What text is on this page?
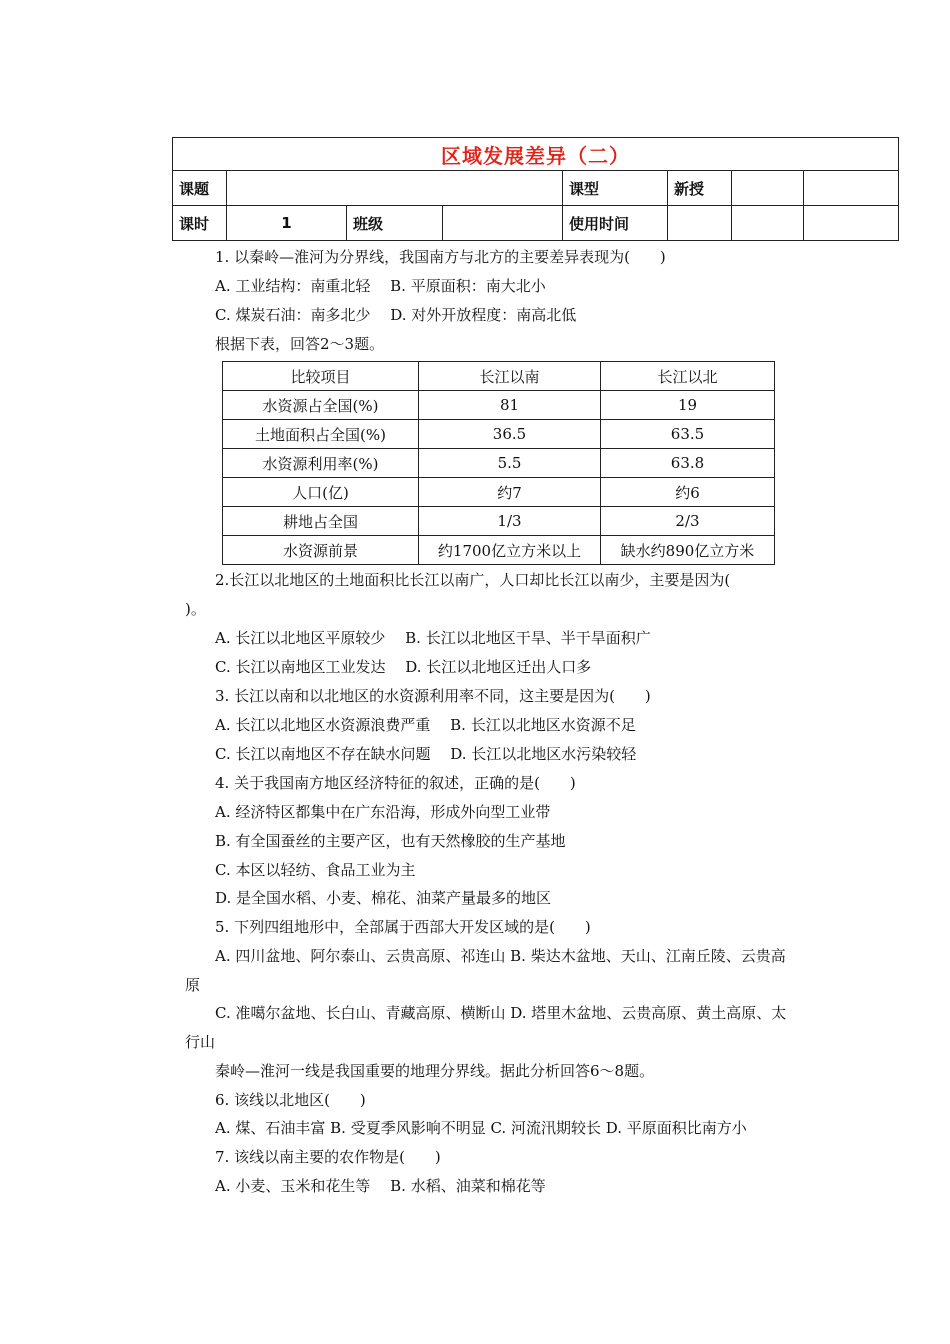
区域发展差异（二）							
课题				课型	新授		
课时	1	班级		使用时间			
1. 以秦岭—淮河为分界线，我国南方与北方的主要差异表现为(　　)
A. 工业结构：南重北轻　 B. 平原面积：南大北小
C. 煤炭石油：南多北少　 D. 对外开放程度：南高北低
根据下表，回答2～3题。
比较项目	长江以南	长江以北
水资源占全国(%)	81	19
土地面积占全国(%)	36.5	63.5
水资源利用率(%)	5.5	63.8
人口(亿)	约7	约6
耕地占全国	1/3	2/3
水资源前景	约1700亿立方米以上	缺水约890亿立方米
2.长江以北地区的土地面积比长江以南广，人口却比长江以南少，主要是因为(
)。
A. 长江以北地区平原较少　 B. 长江以北地区干旱、半干旱面积广
C. 长江以南地区工业发达　 D. 长江以北地区迁出人口多
3. 长江以南和以北地区的水资源利用率不同，这主要是因为(　　)
A. 长江以北地区水资源浪费严重　 B. 长江以北地区水资源不足
C. 长江以南地区不存在缺水问题　 D. 长江以北地区水污染较轻
4. 关于我国南方地区经济特征的叙述，正确的是(　　)
A. 经济特区都集中在广东沿海，形成外向型工业带
B. 有全国蚕丝的主要产区，也有天然橡胶的生产基地
C. 本区以轻纺、食品工业为主
D. 是全国水稻、小麦、棉花、油菜产量最多的地区
5. 下列四组地形中，全部属于西部大开发区域的是(　　)
A. 四川盆地、阿尔泰山、云贵高原、祁连山 B. 柴达木盆地、天山、江南丘陵、云贵高
原
C. 准噶尔盆地、长白山、青藏高原、横断山 D. 塔里木盆地、云贵高原、黄土高原、太
行山
秦岭—淮河一线是我国重要的地理分界线。据此分析回答6～8题。
6. 该线以北地区(　　)
A. 煤、石油丰富 B. 受夏季风影响不明显 C. 河流汛期较长 D. 平原面积比南方小
7. 该线以南主要的农作物是(　　)
A. 小麦、玉米和花生等　 B. 水稻、油菜和棉花等
